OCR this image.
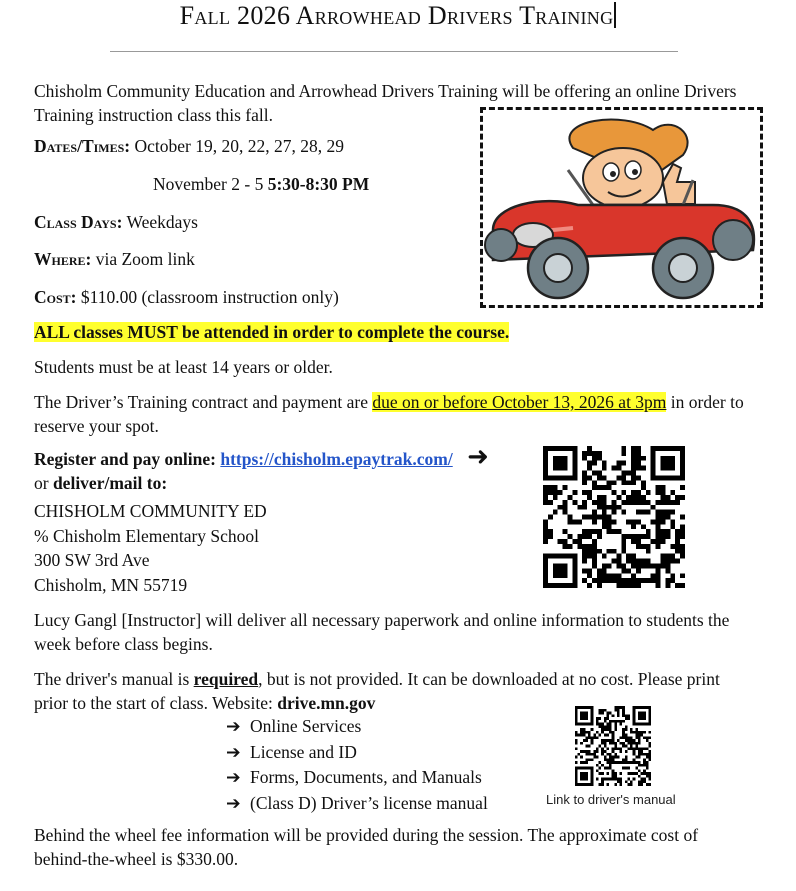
Fall 2026 Arrowhead Drivers Training
Chisholm Community Education and Arrowhead Drivers Training will be offering an online Drivers Training instruction class this fall.
Dates/Times: October 19, 20, 22, 27, 28, 29
November 2 - 5 5:30-8:30 PM
Class Days: Weekdays
Where: via Zoom link
Cost: $110.00 (classroom instruction only)
ALL classes MUST be attended in order to complete the course.
Students must be at least 14 years or older.
The Driver’s Training contract and payment are due on or before October 13, 2026 at 3pm in order to reserve your spot.
Register and pay online: https://chisholm.epaytrak.com/ ➜
or deliver/mail to:
CHISHOLM COMMUNITY ED
% Chisholm Elementary School
300 SW 3rd Ave
Chisholm, MN 55719
Lucy Gangl [Instructor] will deliver all necessary paperwork and online information to students the week before class begins.
The driver's manual is required, but is not provided. It can be downloaded at no cost. Please print prior to the start of class. Website: drive.mn.gov
➔ Online Services
➔ License and ID
➔ Forms, Documents, and Manuals
➔ (Class D) Driver’s license manual	Link to driver's manual
Behind the wheel fee information will be provided during the session. The approximate cost of behind-the-wheel is $330.00.
